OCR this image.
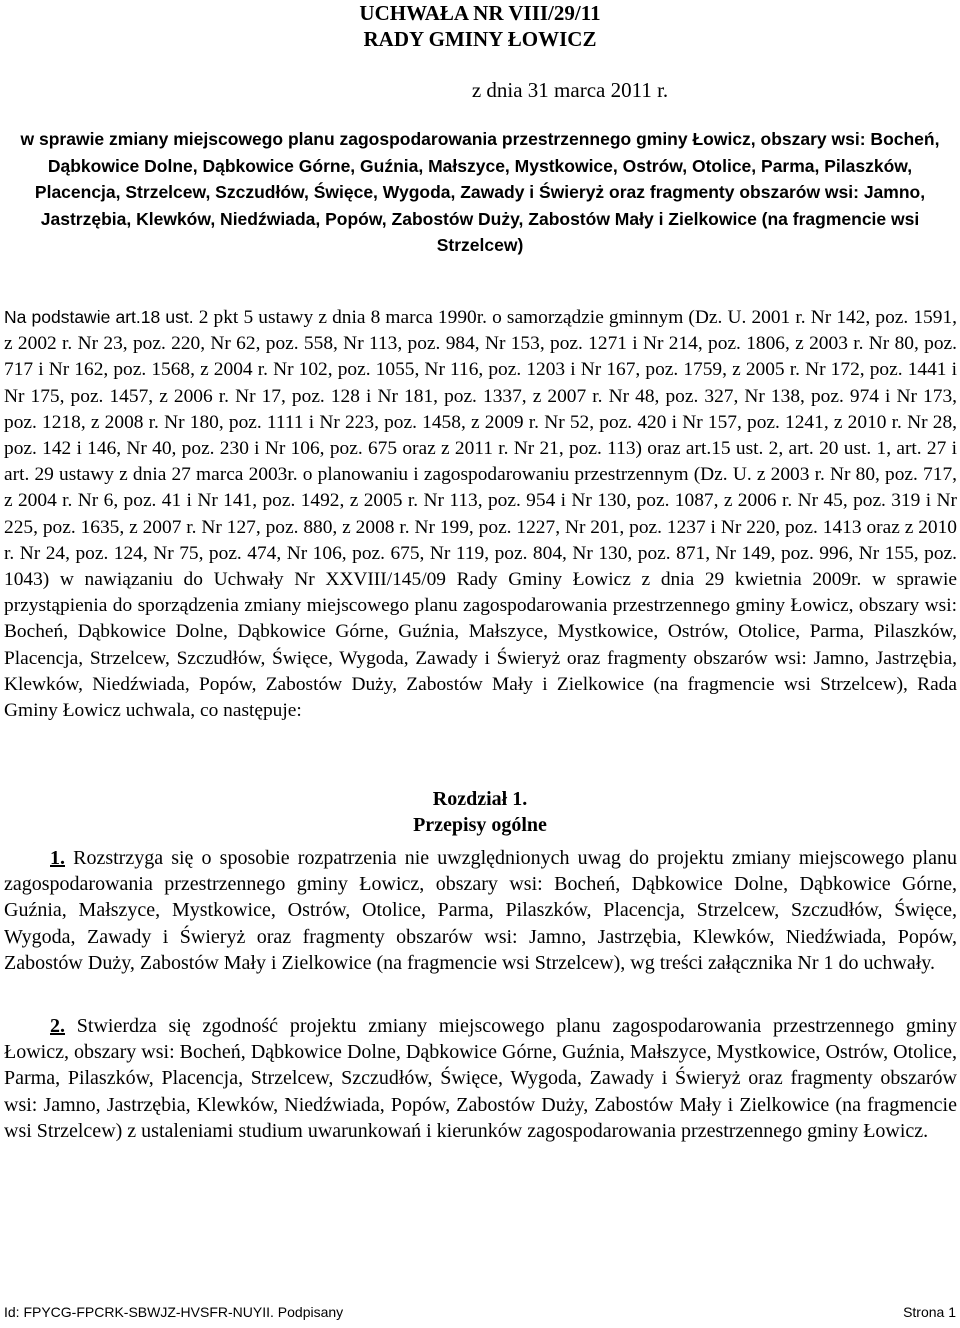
UCHWAŁA NR VIII/29/11
RADY GMINY ŁOWICZ
z dnia 31 marca 2011 r.
w sprawie zmiany miejscowego planu zagospodarowania przestrzennego gminy Łowicz, obszary wsi: Bocheń, Dąbkowice Dolne, Dąbkowice Górne, Guźnia, Małszyce, Mystkowice, Ostrów, Otolice, Parma, Pilaszków, Placencja, Strzelcew, Szczudłów, Święce, Wygoda, Zawady i Świeryż oraz fragmenty obszarów wsi: Jamno, Jastrzębia, Klewków, Niedźwiada, Popów, Zabostów Duży, Zabostów Mały i Zielkowice (na fragmencie wsi Strzelcew)
Na podstawie art.18 ust. 2 pkt 5 ustawy z dnia 8 marca 1990r. o samorządzie gminnym (Dz. U. 2001 r. Nr 142, poz. 1591, z 2002 r. Nr 23, poz. 220, Nr 62, poz. 558, Nr 113, poz. 984, Nr 153, poz. 1271 i Nr 214, poz. 1806, z 2003 r. Nr 80, poz. 717 i Nr 162, poz. 1568, z 2004 r. Nr 102, poz. 1055, Nr 116, poz. 1203 i Nr 167, poz. 1759, z 2005 r. Nr 172, poz. 1441 i Nr 175, poz. 1457, z 2006 r. Nr 17, poz. 128 i Nr 181, poz. 1337, z 2007 r. Nr 48, poz. 327, Nr 138, poz. 974 i Nr 173, poz. 1218, z 2008 r. Nr 180, poz. 1111 i Nr 223, poz. 1458, z 2009 r. Nr 52, poz. 420 i Nr 157, poz. 1241, z 2010 r. Nr 28, poz. 142 i 146, Nr 40, poz. 230 i Nr 106, poz. 675 oraz z 2011 r. Nr 21, poz. 113) oraz art.15 ust. 2, art. 20 ust. 1, art. 27 i art. 29 ustawy z dnia 27 marca 2003r. o planowaniu i zagospodarowaniu przestrzennym (Dz. U. z 2003 r. Nr 80, poz. 717, z 2004 r. Nr 6, poz. 41 i Nr 141, poz. 1492, z 2005 r. Nr 113, poz. 954 i Nr 130, poz. 1087, z 2006 r. Nr 45, poz. 319 i Nr 225, poz. 1635, z 2007 r. Nr 127, poz. 880, z 2008 r. Nr 199, poz. 1227, Nr 201, poz. 1237 i Nr 220, poz. 1413 oraz z 2010 r. Nr 24, poz. 124, Nr 75, poz. 474, Nr 106, poz. 675, Nr 119, poz. 804, Nr 130, poz. 871, Nr 149, poz. 996, Nr 155, poz. 1043) w nawiązaniu do Uchwały Nr XXVIII/145/09 Rady Gminy Łowicz z dnia 29 kwietnia 2009r. w sprawie przystąpienia do sporządzenia zmiany miejscowego planu zagospodarowania przestrzennego gminy Łowicz, obszary wsi: Bocheń, Dąbkowice Dolne, Dąbkowice Górne, Guźnia, Małszyce, Mystkowice, Ostrów, Otolice, Parma, Pilaszków, Placencja, Strzelcew, Szczudłów, Święce, Wygoda, Zawady i Świeryż oraz fragmenty obszarów wsi: Jamno, Jastrzębia, Klewków, Niedźwiada, Popów, Zabostów Duży, Zabostów Mały i Zielkowice (na fragmencie wsi Strzelcew), Rada Gminy Łowicz uchwala, co następuje:
Rozdział 1.
Przepisy ogólne
1. Rozstrzyga się o sposobie rozpatrzenia nie uwzględnionych uwag do projektu zmiany miejscowego planu zagospodarowania przestrzennego gminy Łowicz, obszary wsi: Bocheń, Dąbkowice Dolne, Dąbkowice Górne, Guźnia, Małszyce, Mystkowice, Ostrów, Otolice, Parma, Pilaszków, Placencja, Strzelcew, Szczudłów, Święce, Wygoda, Zawady i Świeryż oraz fragmenty obszarów wsi: Jamno, Jastrzębia, Klewków, Niedźwiada, Popów, Zabostów Duży, Zabostów Mały i Zielkowice (na fragmencie wsi Strzelcew), wg treści załącznika Nr 1 do uchwały.
2. Stwierdza się zgodność projektu zmiany miejscowego planu zagospodarowania przestrzennego gminy Łowicz, obszary wsi: Bocheń, Dąbkowice Dolne, Dąbkowice Górne, Guźnia, Małszyce, Mystkowice, Ostrów, Otolice, Parma, Pilaszków, Placencja, Strzelcew, Szczudłów, Święce, Wygoda, Zawady i Świeryż oraz fragmenty obszarów wsi: Jamno, Jastrzębia, Klewków, Niedźwiada, Popów, Zabostów Duży, Zabostów Mały i Zielkowice (na fragmencie wsi Strzelcew) z ustaleniami studium uwarunkowań i kierunków zagospodarowania przestrzennego gminy Łowicz.
Id: FPYCG-FPCRK-SBWJZ-HVSFR-NUYII. Podpisany	Strona 1
